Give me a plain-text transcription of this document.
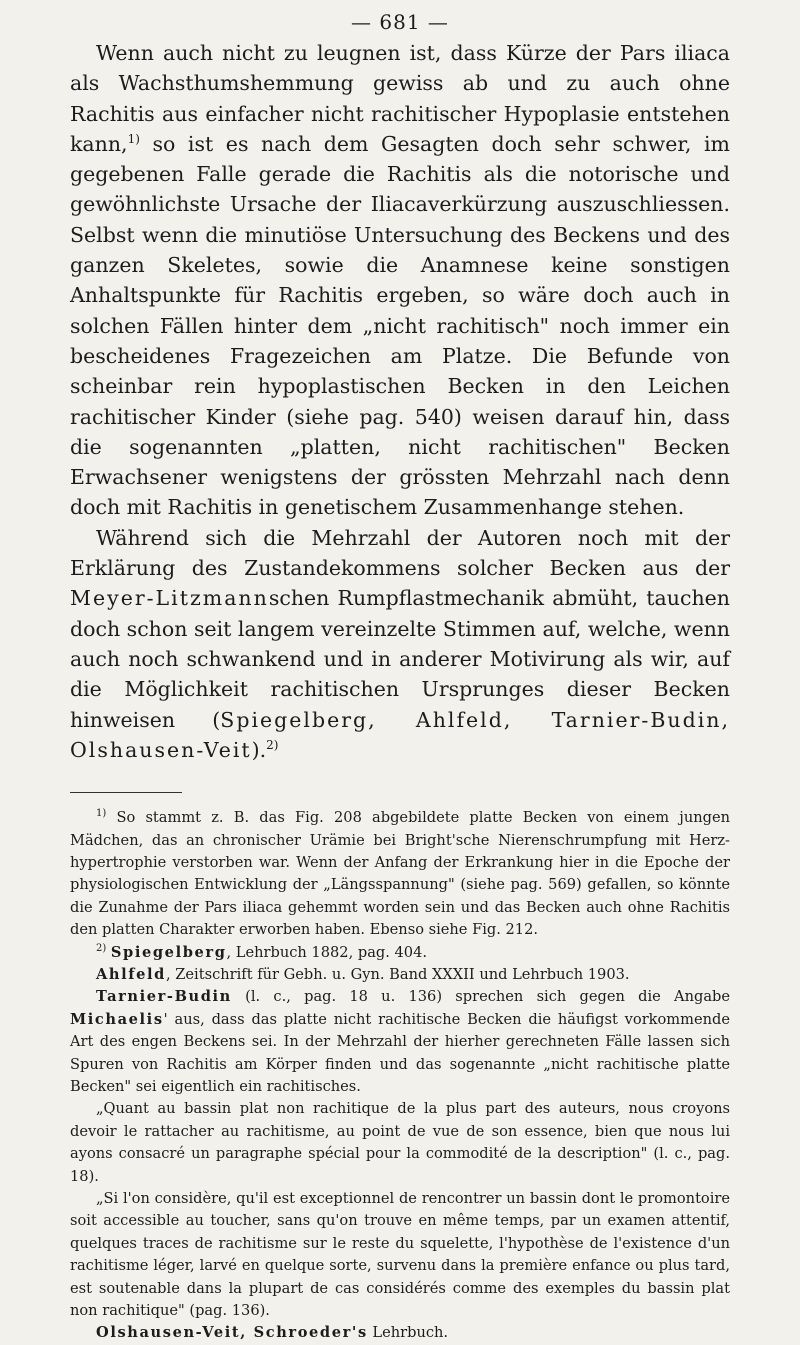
— 681 —

Wenn auch nicht zu leugnen ist, dass Kürze der Pars iliaca als Wachsthumshemmung gewiss ab und zu auch ohne Rachitis aus einfacher nicht rachitischer Hypoplasie entstehen kann,$^{1)}$ so ist es nach dem Gesagten doch sehr schwer, im gegebenen Falle gerade die Rachitis als die notorische und gewöhnlichste Ursache der Iliacaverkürzung auszuschliessen. Selbst wenn die minutiöse Untersuchung des Beckens und des ganzen Skeletes, sowie die Anamnese keine sonstigen Anhaltspunkte für Rachitis ergeben, so wäre doch auch in solchen Fällen hinter dem „nicht rachitisch" noch immer ein bescheidenes Fragezeichen am Platze. Die Befunde von scheinbar rein hypoplastischen Becken in den Leichen rachitischer Kinder (siehe pag. 540) weisen darauf hin, dass die sogenannten „platten, nicht rachitischen" Becken Erwachsener wenigstens der grössten Mehrzahl nach denn doch mit Rachitis in genetischem Zusammenhange stehen.

Während sich die Mehrzahl der Autoren noch mit der Erklärung des Zustandekommens solcher Becken aus der Meyer-Litzmannschen Rumpflastmechanik abmüht, tauchen doch schon seit langem vereinzelte Stimmen auf, welche, wenn auch noch schwankend und in anderer Motivirung als wir, auf die Möglichkeit rachitischen Ursprunges dieser Becken hinweisen (Spiegelberg, Ahlfeld, Tarnier-Budin, Olshausen-Veit).$^{2)}$

$^{1)}$ So stammt z. B. das Fig. 208 abgebildete platte Becken von einem jungen Mädchen, das an chronischer Urämie bei Bright'sche Nierenschrumpfung mit Herz-hypertrophie verstorben war. Wenn der Anfang der Erkrankung hier in die Epoche der physiologischen Entwicklung der „Längsspannung" (siehe pag. 569) gefallen, so könnte die Zunahme der Pars iliaca gehemmt worden sein und das Becken auch ohne Rachitis den platten Charakter erworben haben. Ebenso siehe Fig. 212.

$^{2)}$ Spiegelberg, Lehrbuch 1882, pag. 404.

Ahlfeld, Zeitschrift für Gebh. u. Gyn. Band XXXII und Lehrbuch 1903.

Tarnier-Budin (l. c., pag. 18 u. 136) sprechen sich gegen die Angabe Michaelis' aus, dass das platte nicht rachitische Becken die häufigst vorkommende Art des engen Beckens sei. In der Mehrzahl der hierher gerechneten Fälle lassen sich Spuren von Rachitis am Körper finden und das sogenannte „nicht rachitische platte Becken" sei eigentlich ein rachitisches.

„Quant au bassin plat non rachitique de la plus part des auteurs, nous croyons devoir le rattacher au rachitisme, au point de vue de son essence, bien que nous lui ayons consacré un paragraphe spécial pour la commodité de la description" (l. c., pag. 18).

„Si l'on considère, qu'il est exceptionnel de rencontrer un bassin dont le promontoire soit accessible au toucher, sans qu'on trouve en même temps, par un examen attentif, quelques traces de rachitisme sur le reste du squelette, l'hypothèse de l'existence d'un rachitisme léger, larvé en quelque sorte, survenu dans la première enfance ou plus tard, est soutenable dans la plupart de cas considérés comme des exemples du bassin plat non rachitique" (pag. 136).

Olshausen-Veit, Schroeder's Lehrbuch.
